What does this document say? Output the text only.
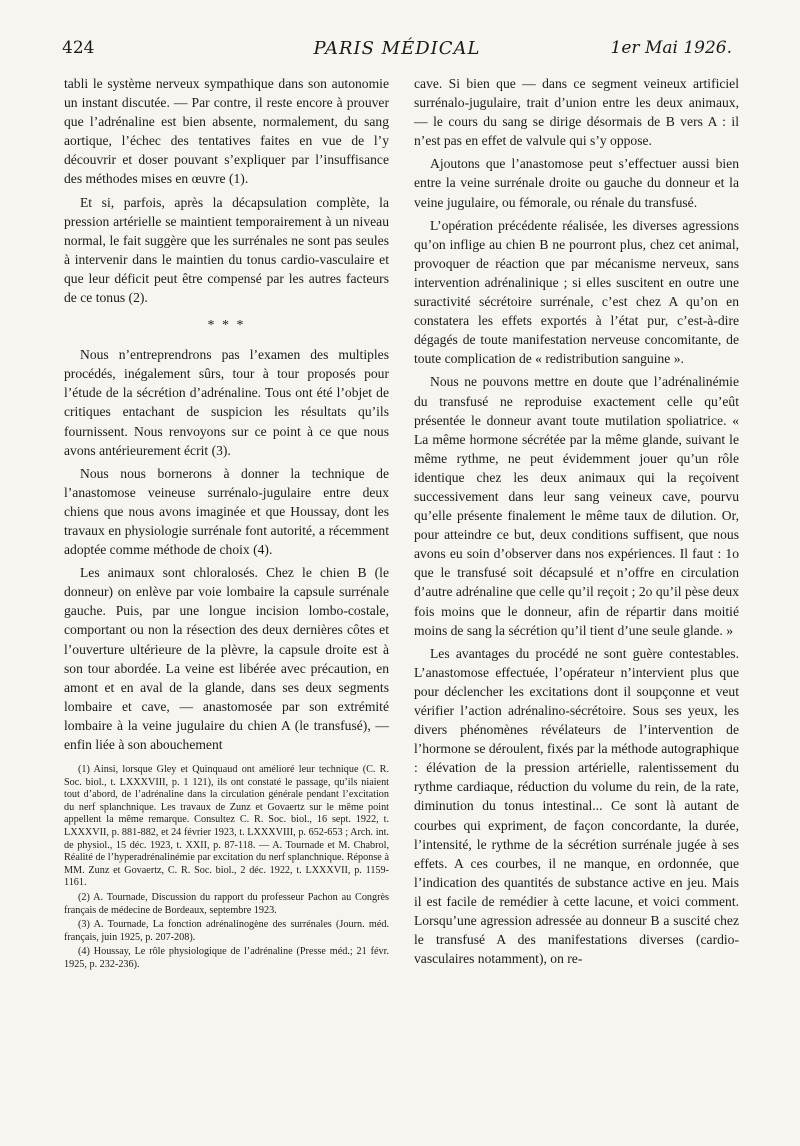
424	PARIS MÉDICAL	1er Mai 1926.

tabli le système nerveux sympathique dans son autonomie un instant discutée. — Par contre, il reste encore à prouver que l’adrénaline est bien absente, normalement, du sang aortique, l’échec des tentatives faites en vue de l’y découvrir et doser pouvant s’expliquer par l’insuffisance des méthodes mises en œuvre (1).

Et si, parfois, après la décapsulation complète, la pression artérielle se maintient temporairement à un niveau normal, le fait suggère que les surrénales ne sont pas seules à intervenir dans le maintien du tonus cardio-vasculaire et que leur déficit peut être compensé par les autres facteurs de ce tonus (2).

* * *

Nous n’entreprendrons pas l’examen des multiples procédés, inégalement sûrs, tour à tour proposés pour l’étude de la sécrétion d’adrénaline. Tous ont été l’objet de critiques entachant de suspicion les résultats qu’ils fournissent. Nous renvoyons sur ce point à ce que nous avons antérieurement écrit (3).

Nous nous bornerons à donner la technique de l’anastomose veineuse surrénalo-jugulaire entre deux chiens que nous avons imaginée et que Houssay, dont les travaux en physiologie surrénale font autorité, a récemment adoptée comme méthode de choix (4).

Les animaux sont chloralosés. Chez le chien B (le donneur) on enlève par voie lombaire la capsule surrénale gauche. Puis, par une longue incision lombo-costale, comportant ou non la résection des deux dernières côtes et l’ouverture ultérieure de la plèvre, la capsule droite est à son tour abordée. La veine est libérée avec précaution, en amont et en aval de la glande, dans ses deux segments lombaire et cave, — anastomosée par son extrémité lombaire à la veine jugulaire du chien A (le transfusé), — enfin liée à son abouchement

(1) Ainsi, lorsque Gley et Quinquaud ont amélioré leur technique (C. R. Soc. biol., t. LXXXVIII, p. 1 121), ils ont constaté le passage, qu’ils niaient tout d’abord, de l’adrénaline dans la circulation générale pendant l’excitation du nerf splanchnique. Les travaux de Zunz et Govaertz sur le même point appellent la même remarque. Consultez C. R. Soc. biol., 16 sept. 1922, t. LXXXVII, p. 881-882, et 24 février 1923, t. LXXXVIII, p. 652-653 ; Arch. int. de physiol., 15 déc. 1923, t. XXII, p. 87-118. — A. Tournade et M. Chabrol, Réalité de l’hyperadrénalinémie par excitation du nerf splanchnique. Réponse à MM. Zunz et Govaertz, C. R. Soc. biol., 2 déc. 1922, t. LXXXVII, p. 1159-1161.

(2) A. Tournade, Discussion du rapport du professeur Pachon au Congrès français de médecine de Bordeaux, septembre 1923.

(3) A. Tournade, La fonction adrénalinogène des surrénales (Journ. méd. français, juin 1925, p. 207-208).

(4) Houssay, Le rôle physiologique de l’adrénaline (Presse méd.; 21 févr. 1925, p. 232-236).

cave. Si bien que — dans ce segment veineux artificiel surrénalo-jugulaire, trait d’union entre les deux animaux, — le cours du sang se dirige désormais de B vers A : il n’est pas en effet de valvule qui s’y oppose.

Ajoutons que l’anastomose peut s’effectuer aussi bien entre la veine surrénale droite ou gauche du donneur et la veine jugulaire, ou fémorale, ou rénale du transfusé.

L’opération précédente réalisée, les diverses agressions qu’on inflige au chien B ne pourront plus, chez cet animal, provoquer de réaction que par mécanisme nerveux, sans intervention adrénalinique ; si elles suscitent en outre une suractivité sécrétoire surrénale, c’est chez A qu’on en constatera les effets exportés à l’état pur, c’est-à-dire dégagés de toute manifestation nerveuse concomitante, de toute complication de « redistribution sanguine ».

Nous ne pouvons mettre en doute que l’adrénalinémie du transfusé ne reproduise exactement celle qu’eût présentée le donneur avant toute mutilation spoliatrice. « La même hormone sécrétée par la même glande, suivant le même rythme, ne peut évidemment jouer qu’un rôle identique chez les deux animaux qui la reçoivent successivement dans leur sang veineux cave, pourvu qu’elle présente finalement le même taux de dilution. Or, pour atteindre ce but, deux conditions suffisent, que nous avons eu soin d’observer dans nos expériences. Il faut : 1o que le transfusé soit décapsulé et n’offre en circulation d’autre adrénaline que celle qu’il reçoit ; 2o qu’il pèse deux fois moins que le donneur, afin de répartir dans moitié moins de sang la sécrétion qu’il tient d’une seule glande. »

Les avantages du procédé ne sont guère contestables. L’anastomose effectuée, l’opérateur n’intervient plus que pour déclencher les excitations dont il soupçonne et veut vérifier l’action adrénalino-sécrétoire. Sous ses yeux, les divers phénomènes révélateurs de l’intervention de l’hormone se déroulent, fixés par la méthode autographique : élévation de la pression artérielle, ralentissement du rythme cardiaque, réduction du volume du rein, de la rate, diminution du tonus intestinal... Ce sont là autant de courbes qui expriment, de façon concordante, la durée, l’intensité, le rythme de la sécrétion surrénale jugée à ses effets. A ces courbes, il ne manque, en ordonnée, que l’indication des quantités de substance active en jeu. Mais il est facile de remédier à cette lacune, et voici comment. Lorsqu’une agression adressée au donneur B a suscité chez le transfusé A des manifestations diverses (cardio-vasculaires notamment), on re-
